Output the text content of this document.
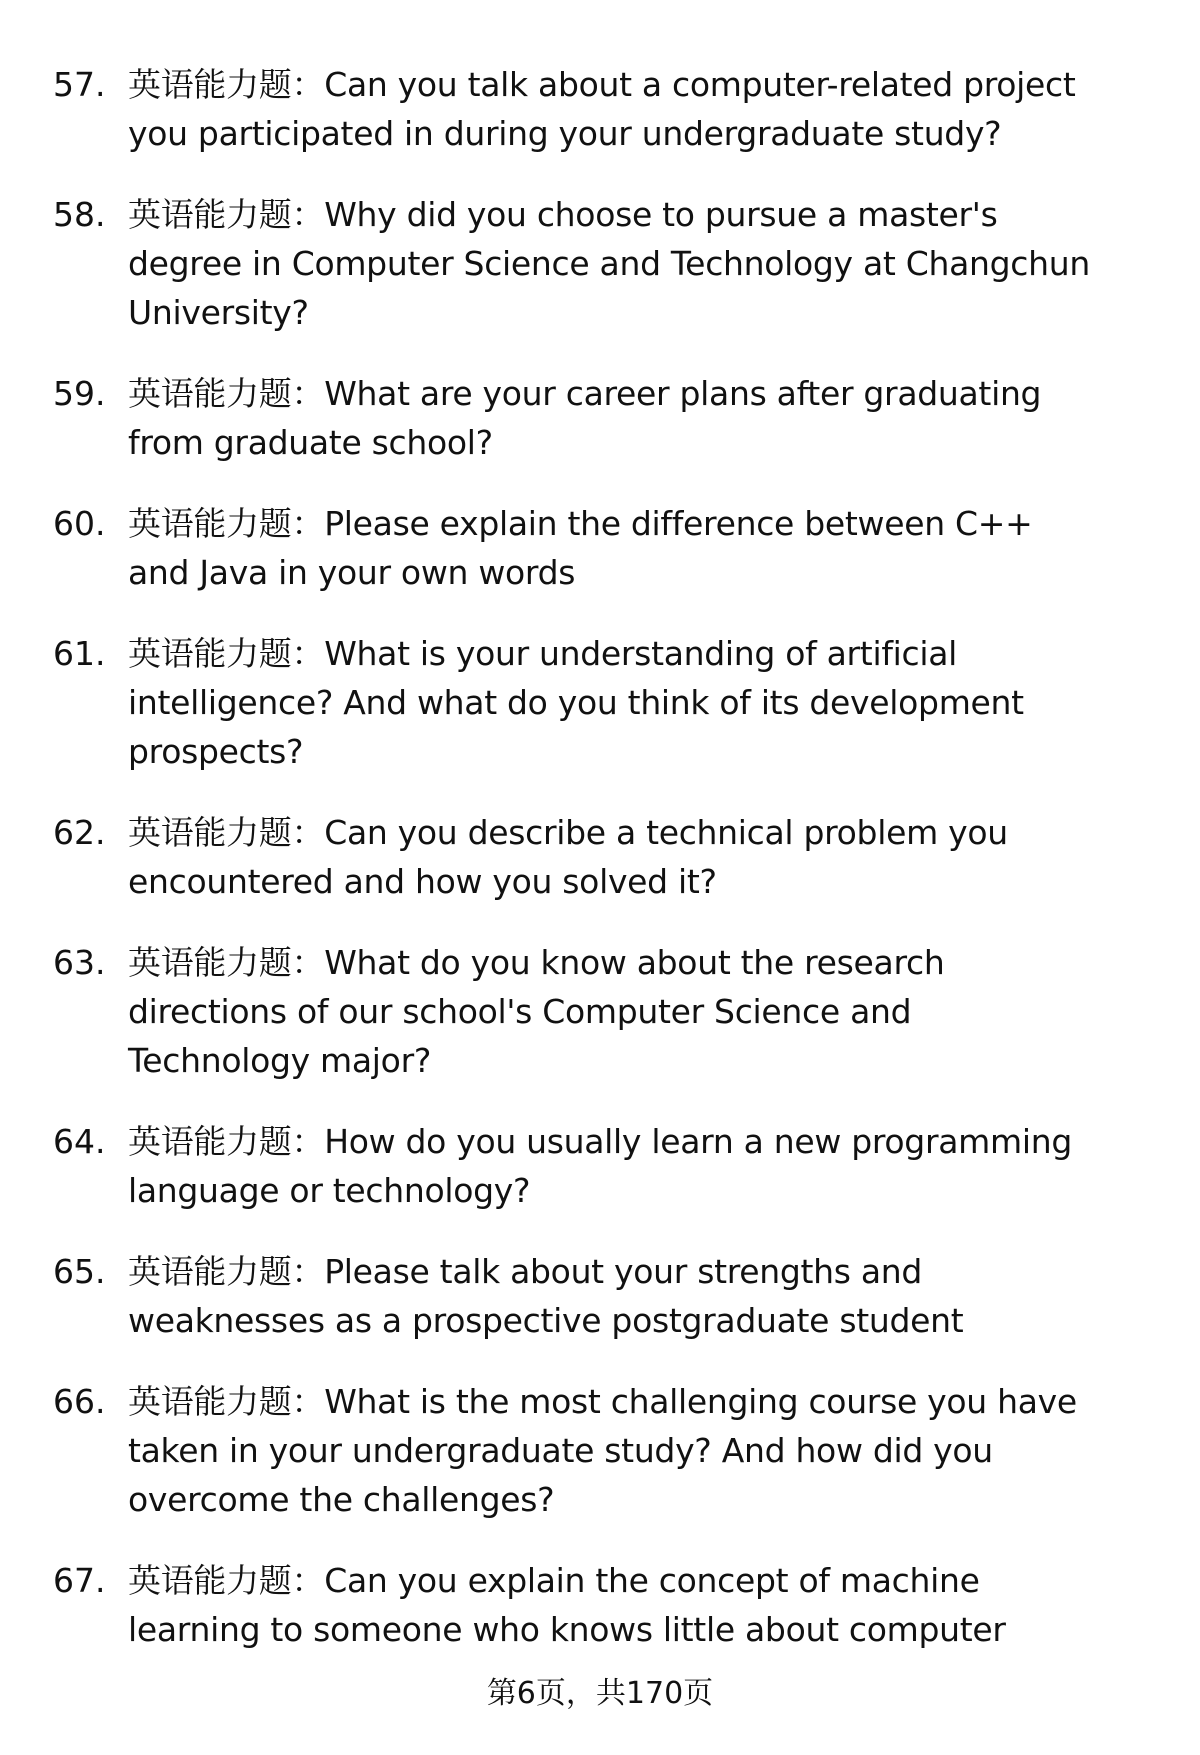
57. 英语能力题：Can you talk about a computer-related project
you participated in during your undergraduate study?
58. 英语能力题：Why did you choose to pursue a master's
degree in Computer Science and Technology at Changchun
University?
59. 英语能力题：What are your career plans after graduating
from graduate school?
60. 英语能力题：Please explain the difference between C++
and Java in your own words
61. 英语能力题：What is your understanding of artificial
intelligence? And what do you think of its development
prospects?
62. 英语能力题：Can you describe a technical problem you
encountered and how you solved it?
63. 英语能力题：What do you know about the research
directions of our school's Computer Science and
Technology major?
64. 英语能力题：How do you usually learn a new programming
language or technology?
65. 英语能力题：Please talk about your strengths and
weaknesses as a prospective postgraduate student
66. 英语能力题：What is the most challenging course you have
taken in your undergraduate study? And how did you
overcome the challenges?
67. 英语能力题：Can you explain the concept of machine
learning to someone who knows little about computer
第6页，共170页
